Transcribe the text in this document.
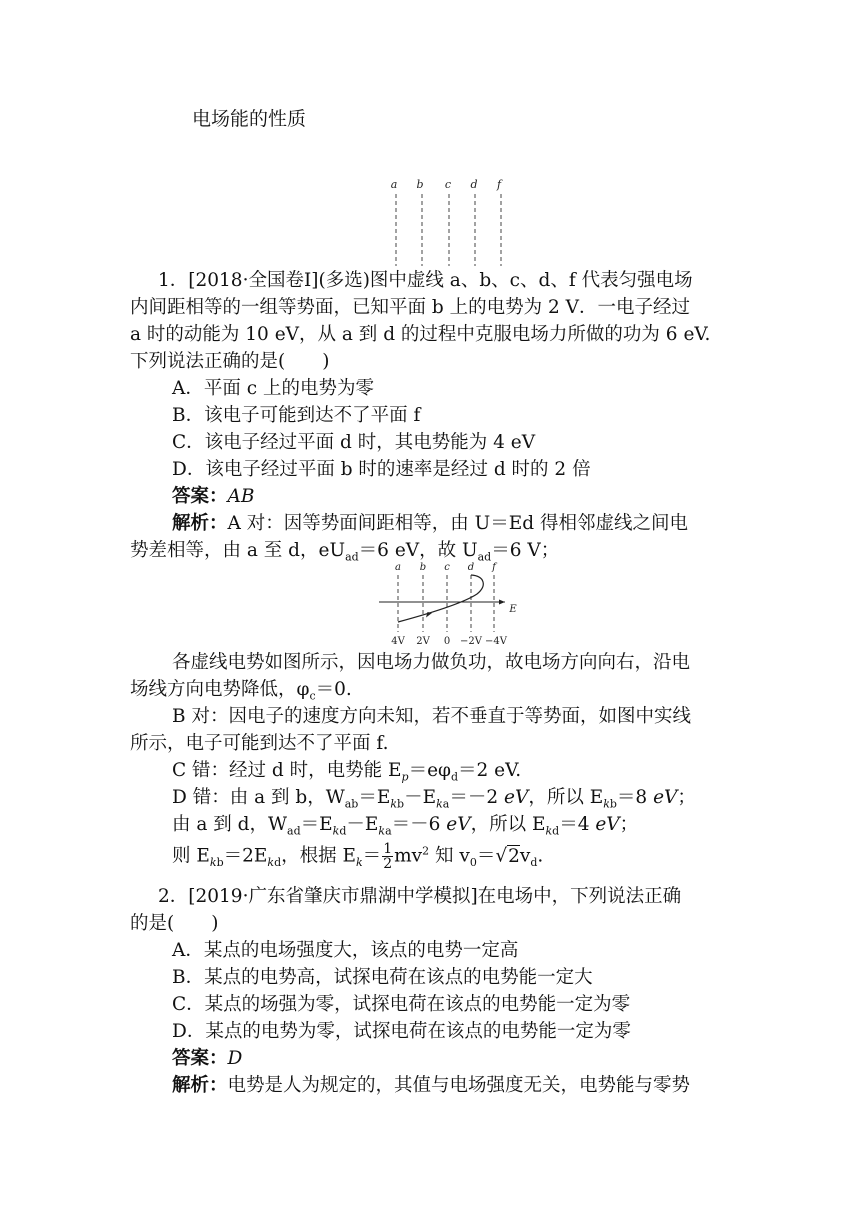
电场能的性质
a b c d f
1．[2018·全国卷Ⅰ](多选)图中虚线 a、b、c、d、f 代表匀强电场
内间距相等的一组等势面，已知平面 b 上的电势为 2 V．一电子经过
a 时的动能为 10 eV，从 a 到 d 的过程中克服电场力所做的功为 6 eV.
下列说法正确的是(　　)
A．平面 c 上的电势为零
B．该电子可能到达不了平面 f
C．该电子经过平面 d 时，其电势能为 4 eV
D．该电子经过平面 b 时的速率是经过 d 时的 2 倍
答案：AB
解析：A 对：因等势面间距相等，由 U＝Ed 得相邻虚线之间电
势差相等，由 a 至 d，$eU_{ad}=6$ eV，故 $U_{ad}=6$ V；
a b c d f
E
4V 2V 0 −2V −4V
各虚线电势如图所示，因电场力做负功，故电场方向向右，沿电
场线方向电势降低，$\varphi_c=0$.
B 对：因电子的速度方向未知，若不垂直于等势面，如图中实线
所示，电子可能到达不了平面 f.
C 错：经过 d 时，电势能 $E_p=e\varphi_d=2$ eV.
D 错：由 a 到 b，$W_{ab}=E_{kb}-E_{ka}=-2$ eV，所以 $E_{kb}=8$ eV；
由 a 到 d，$W_{ad}=E_{kd}-E_{ka}=-6$ eV，所以 $E_{kd}=4$ eV；
则 $E_{kb}=2E_{kd}$，根据 $E_k= \frac{1}{2} mv^2$ 知 $v_0=√2v_d$.
2．[2019·广东省肇庆市鼎湖中学模拟]在电场中，下列说法正确
的是(　　)
A．某点的电场强度大，该点的电势一定高
B．某点的电势高，试探电荷在该点的电势能一定大
C．某点的场强为零，试探电荷在该点的电势能一定为零
D．某点的电势为零，试探电荷在该点的电势能一定为零
答案：D
解析：电势是人为规定的，其值与电场强度无关，电势能与零势
